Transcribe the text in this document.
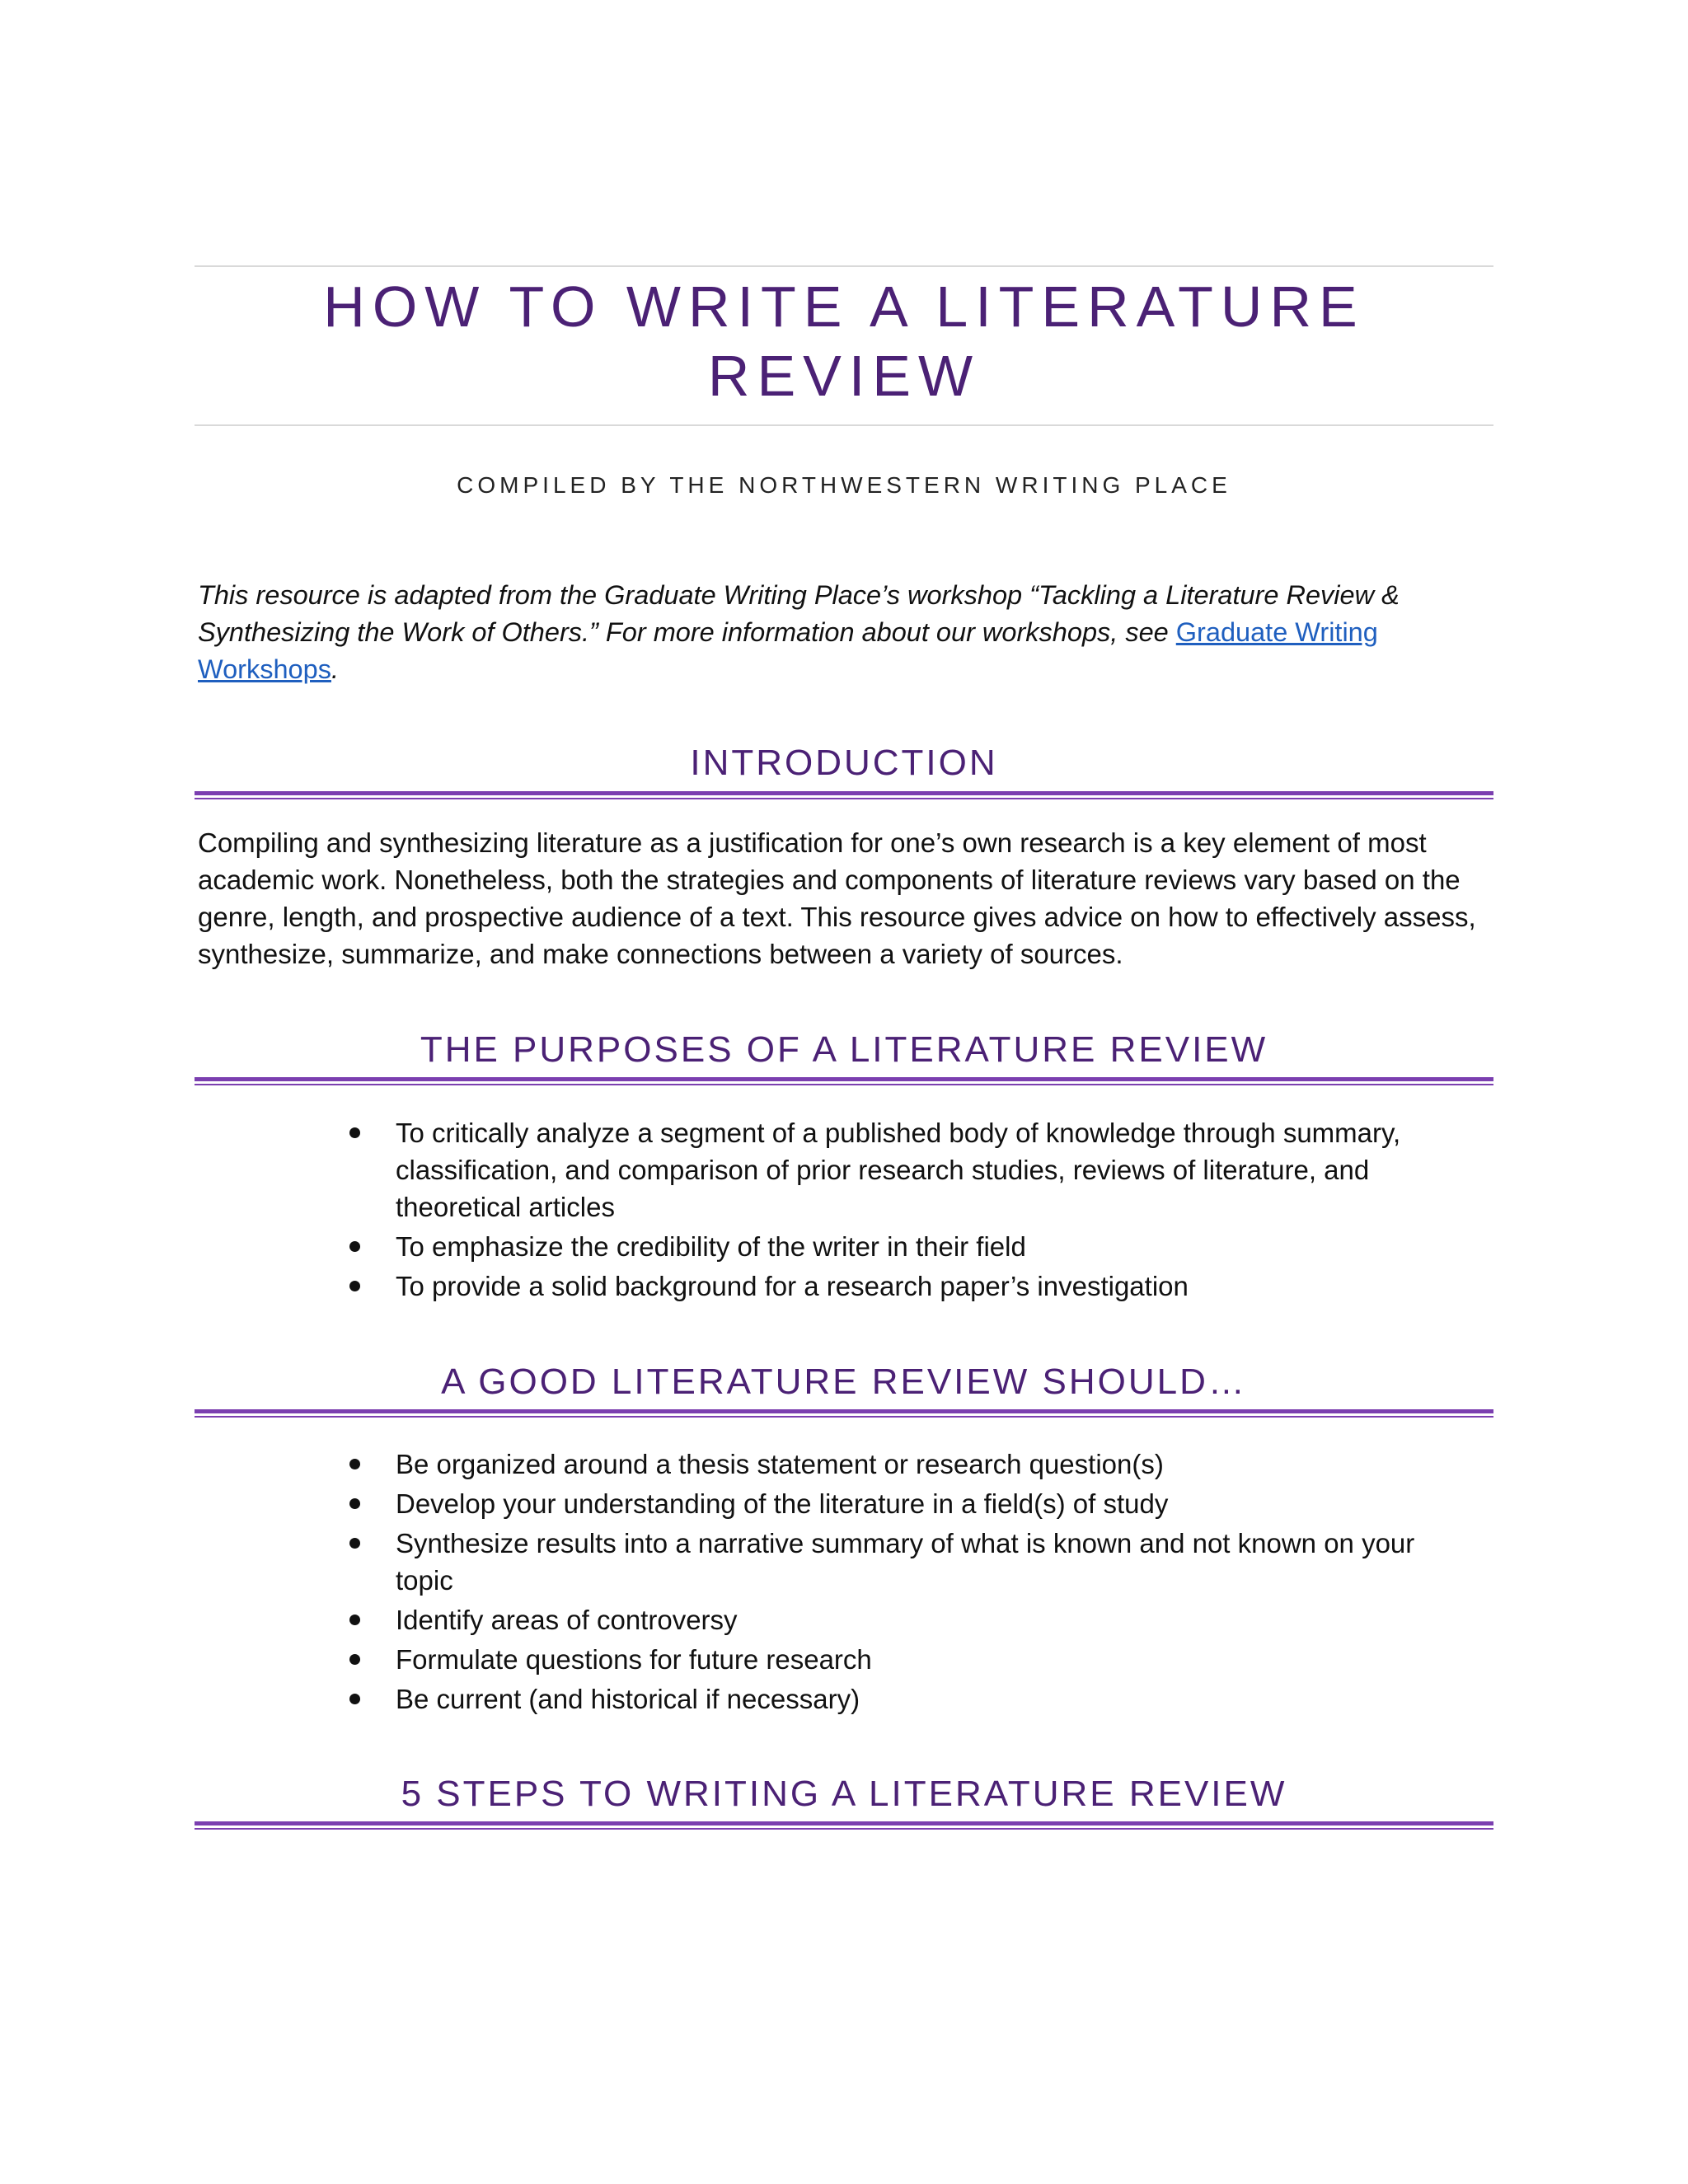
HOW TO WRITE A LITERATURE
REVIEW
COMPILED BY THE NORTHWESTERN WRITING PLACE
This resource is adapted from the Graduate Writing Place’s workshop “Tackling a Literature Review & Synthesizing the Work of Others.” For more information about our workshops, see Graduate Writing Workshops.
INTRODUCTION

Compiling and synthesizing literature as a justification for one’s own research is a key element of most academic work. Nonetheless, both the strategies and components of literature reviews vary based on the genre, length, and prospective audience of a text. This resource gives advice on how to effectively assess, synthesize, summarize, and make connections between a variety of sources.

THE PURPOSES OF A LITERATURE REVIEW
To critically analyze a segment of a published body of knowledge through summary, classification, and comparison of prior research studies, reviews of literature, and theoretical articles
To emphasize the credibility of the writer in their field
To provide a solid background for a research paper’s investigation
A GOOD LITERATURE REVIEW SHOULD…
Be organized around a thesis statement or research question(s)
Develop your understanding of the literature in a field(s) of study
Synthesize results into a narrative summary of what is known and not known on your topic
Identify areas of controversy
Formulate questions for future research
Be current (and historical if necessary)
5 STEPS TO WRITING A LITERATURE REVIEW
